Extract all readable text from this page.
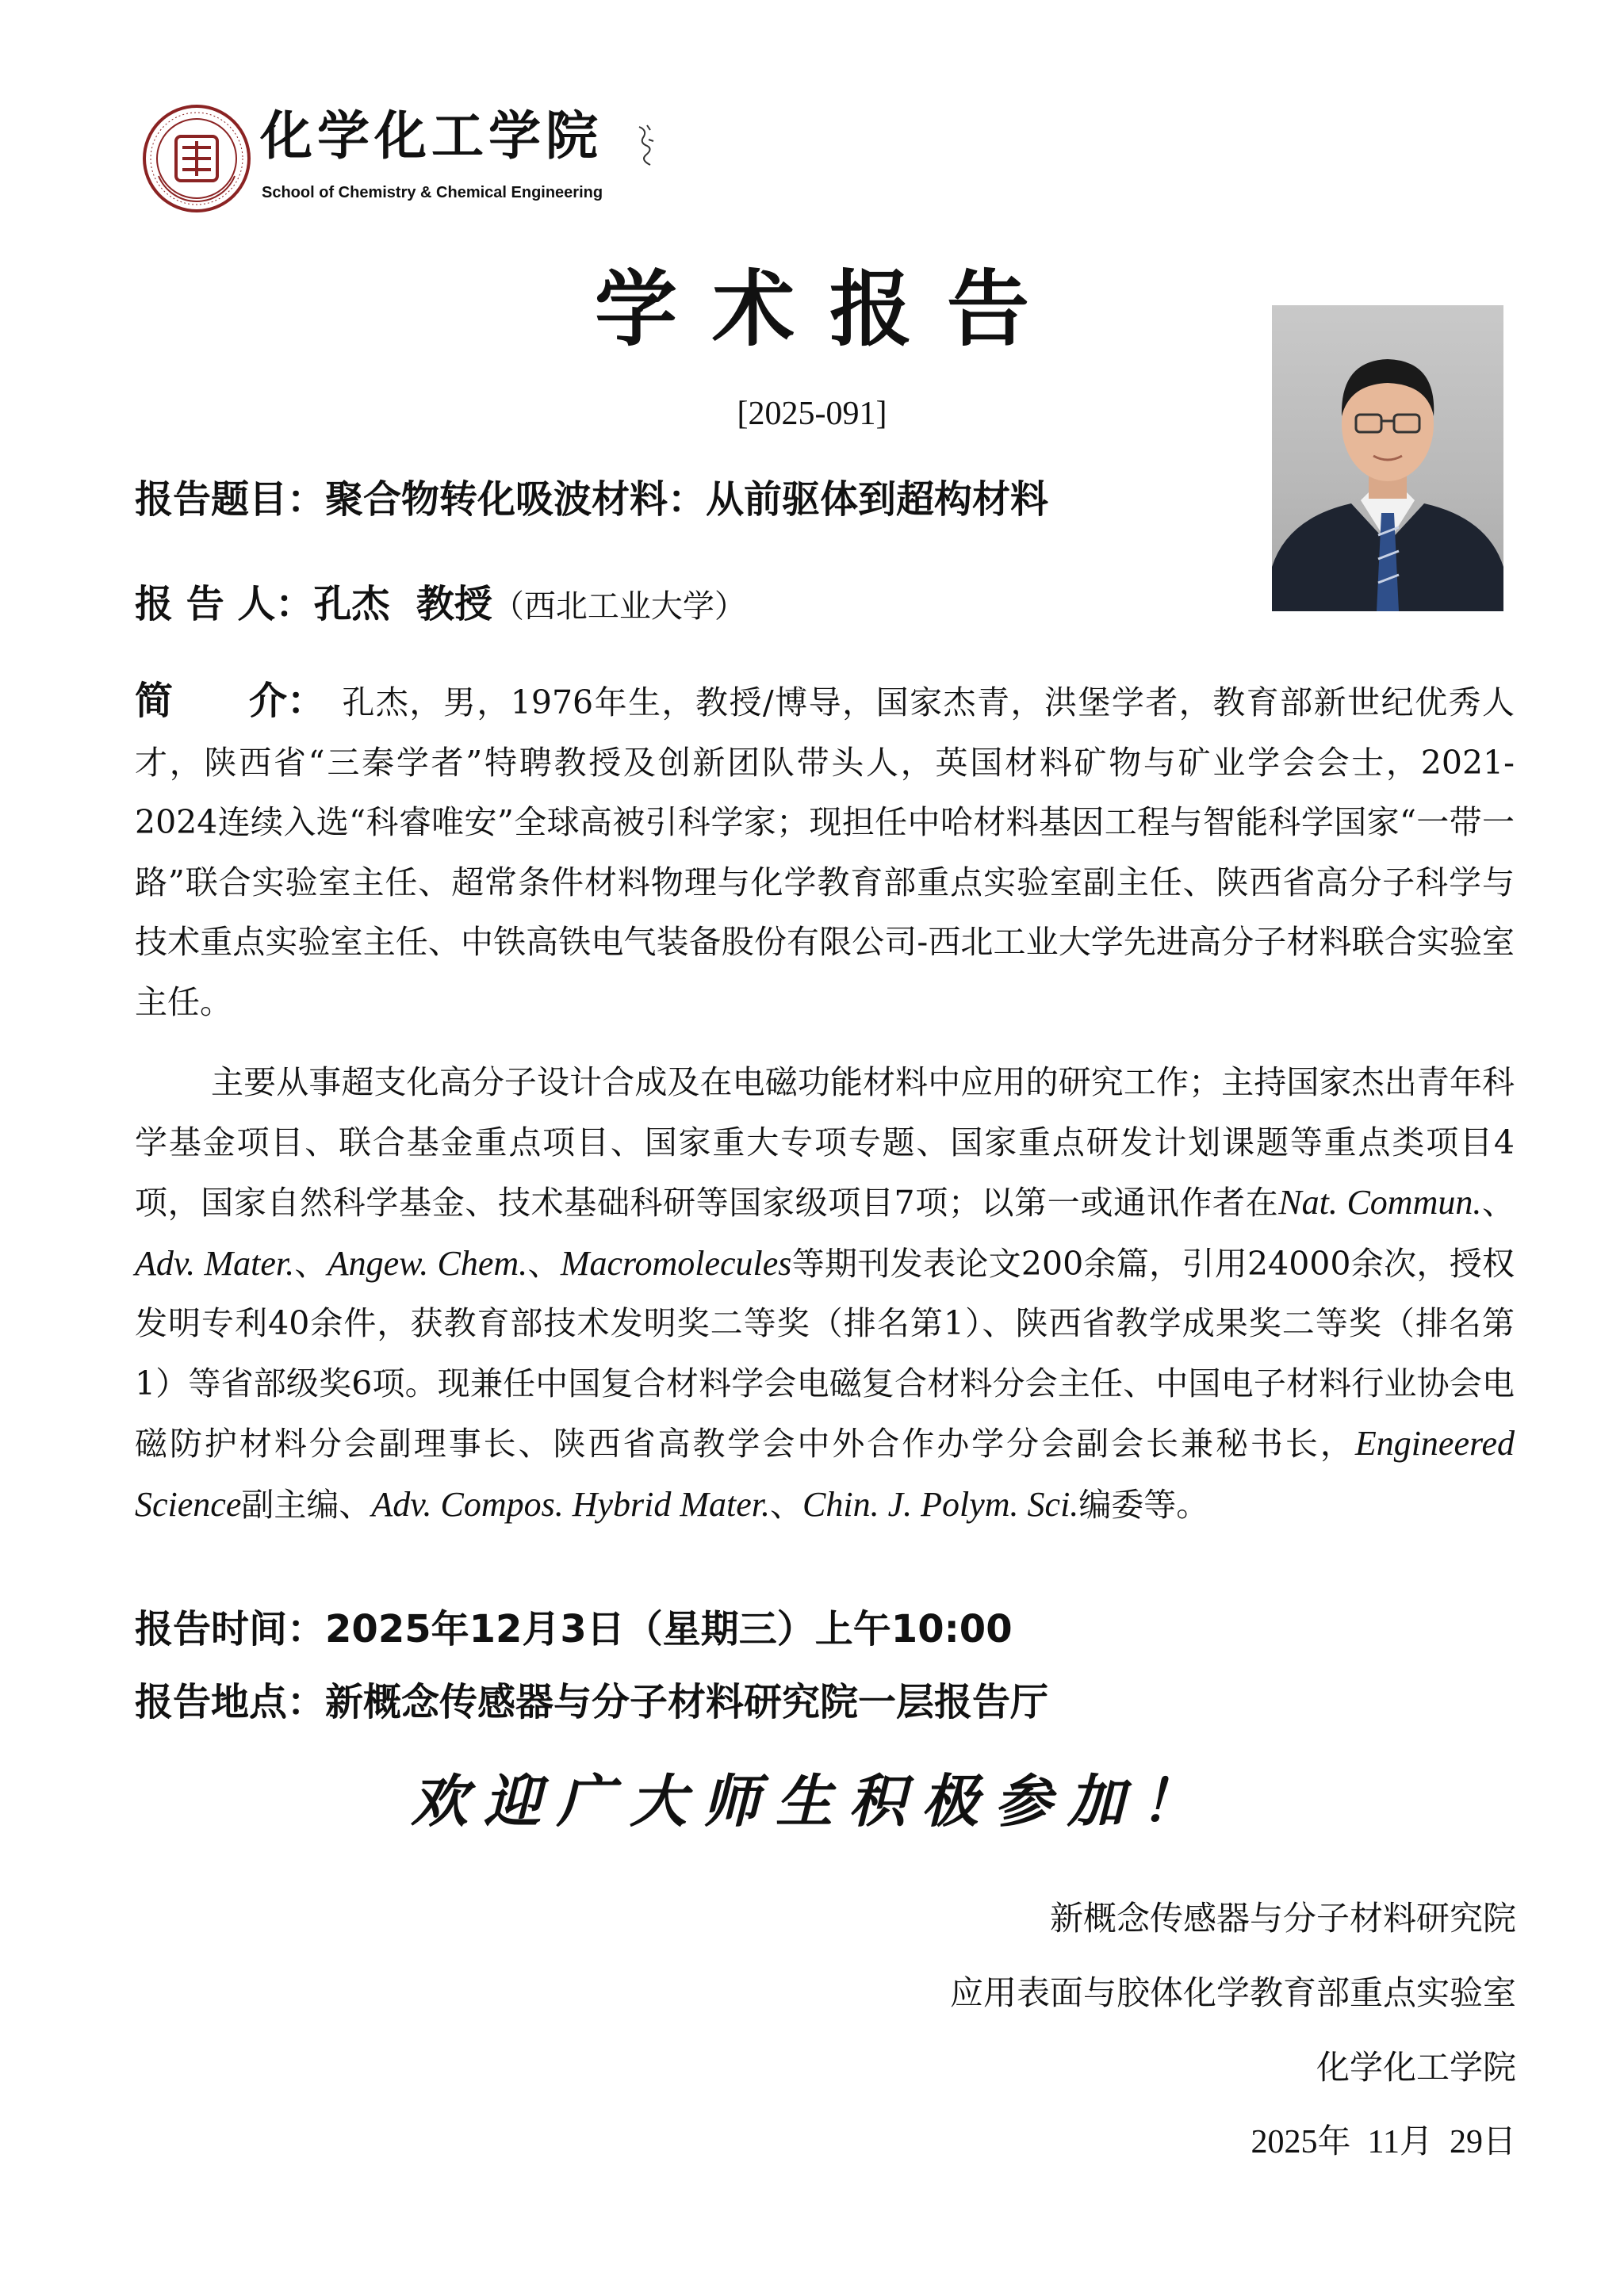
化学化工学院
School of Chemistry & Chemical Engineering
学术报告
[2025-091]
报告题目：聚合物转化吸波材料：从前驱体到超构材料
报 告 人：孔杰  教授（西北工业大学）
简 介： 孔杰，男，1976年生，教授/博导，国家杰青，洪堡学者，教育部新世纪优秀人才，陕西省“三秦学者”特聘教授及创新团队带头人，英国材料矿物与矿业学会会士，2021-2024连续入选“科睿唯安”全球高被引科学家；现担任中哈材料基因工程与智能科学国家“一带一路”联合实验室主任、超常条件材料物理与化学教育部重点实验室副主任、陕西省高分子科学与技术重点实验室主任、中铁高铁电气装备股份有限公司-西北工业大学先进高分子材料联合实验室主任。
主要从事超支化高分子设计合成及在电磁功能材料中应用的研究工作；主持国家杰出青年科学基金项目、联合基金重点项目、国家重大专项专题、国家重点研发计划课题等重点类项目4项，国家自然科学基金、技术基础科研等国家级项目7项；以第一或通讯作者在Nat. Commun.、Adv. Mater.、Angew. Chem.、Macromolecules等期刊发表论文200余篇，引用24000余次，授权发明专利40余件，获教育部技术发明奖二等奖（排名第1）、陕西省教学成果奖二等奖（排名第1）等省部级奖6项。现兼任中国复合材料学会电磁复合材料分会主任、中国电子材料行业协会电磁防护材料分会副理事长、陕西省高教学会中外合作办学分会副会长兼秘书长，Engineered Science副主编、Adv. Compos. Hybrid Mater.、Chin. J. Polym. Sci.编委等。
报告时间：2025年12月3日（星期三）上午10:00
报告地点：新概念传感器与分子材料研究院一层报告厅
欢迎广大师生积极参加！
新概念传感器与分子材料研究院
应用表面与胶体化学教育部重点实验室
化学化工学院
2025年  11月  29日
